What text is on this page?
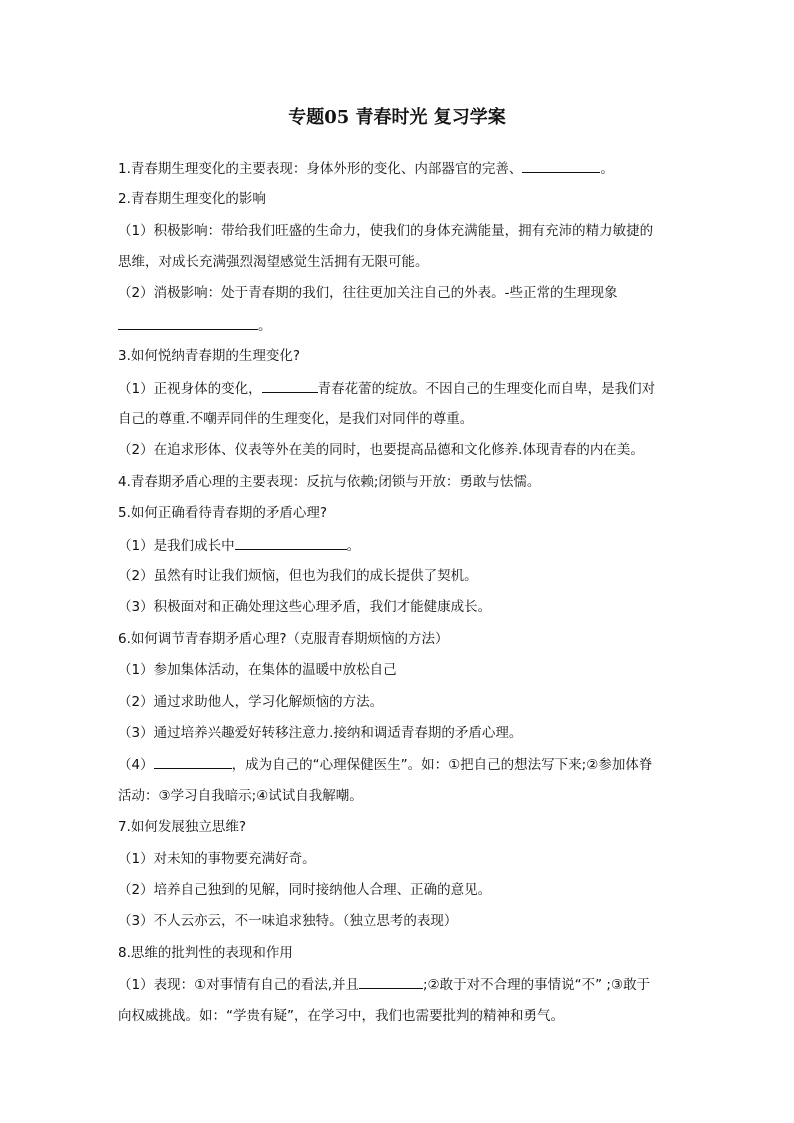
专题05 青春时光 复习学案
1.青春期生理变化的主要表现：身体外形的变化、内部器官的完善、	。
2.青春期生理变化的影响
（1）积极影响：带给我们旺盛的生命力，使我们的身体充满能量，拥有充沛的精力敏捷的
思维，对成长充满强烈渴望感觉生活拥有无限可能。
（2）消极影响：处于青春期的我们，往往更加关注自己的外表。-些正常的生理现象
。
3.如何悦纳青春期的生理变化?
（1）正视身体的变化，	青春花蕾的绽放。不因自己的生理变化而自卑，是我们对
自己的尊重.不嘲弄同伴的生理变化，是我们对同伴的尊重。
（2）在追求形体、仪表等外在美的同时，也要提高品德和文化修养.体现青春的内在美。
4.青春期矛盾心理的主要表现：反抗与依赖;闭锁与开放：勇敢与怯懦。
5.如何正确看待青春期的矛盾心理?
（1）是我们成长中	。
（2）虽然有时让我们烦恼，但也为我们的成长提供了契机。
（3）积极面对和正确处理这些心理矛盾，我们才能健康成长。
6.如何调节青春期矛盾心理?（克服青春期烦恼的方法）
（1）参加集体活动，在集体的温暖中放松自己
（2）通过求助他人，学习化解烦恼的方法。
（3）通过培养兴趣爱好转移注意力.接纳和调适青春期的矛盾心理。
（4）	，成为自己的“心理保健医生”。如：①把自己的想法写下来;②参加体脊
活动：③学习自我暗示;④试试自我解嘲。
7.如何发展独立思维?
（1）对未知的事物要充满好奇。
（2）培养自己独到的见解，同时接纳他人合理、正确的意见。
（3）不人云亦云，不一味追求独特。（独立思考的表现）
8.思维的批判性的表现和作用
（1）表现：①对事情有自己的看法,并且	;②敢于对不合理的事情说“不” ;③敢于
向权威挑战。如：“学贵有疑”，在学习中，我们也需要批判的精神和勇气。
